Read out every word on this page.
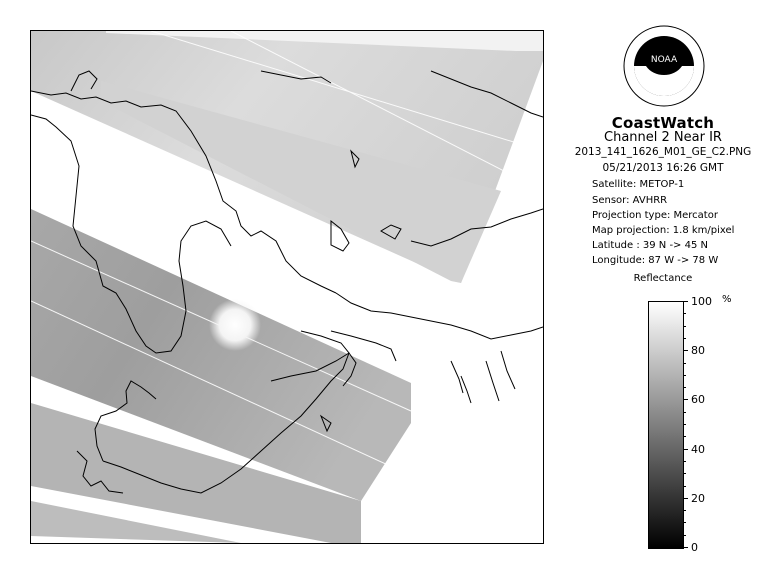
NOAA
CoastWatch
Channel 2 Near IR
2013_141_1626_M01_GE_C2.PNG
05/21/2013 16:26 GMT
Satellite: METOP-1
Sensor: AVHRR
Projection type: Mercator
Map projection: 1.8 km/pixel
Latitude : 39 N -> 45 N
Longitude: 87 W -> 78 W
Reflectance
%
100
80
60
40
20
0
